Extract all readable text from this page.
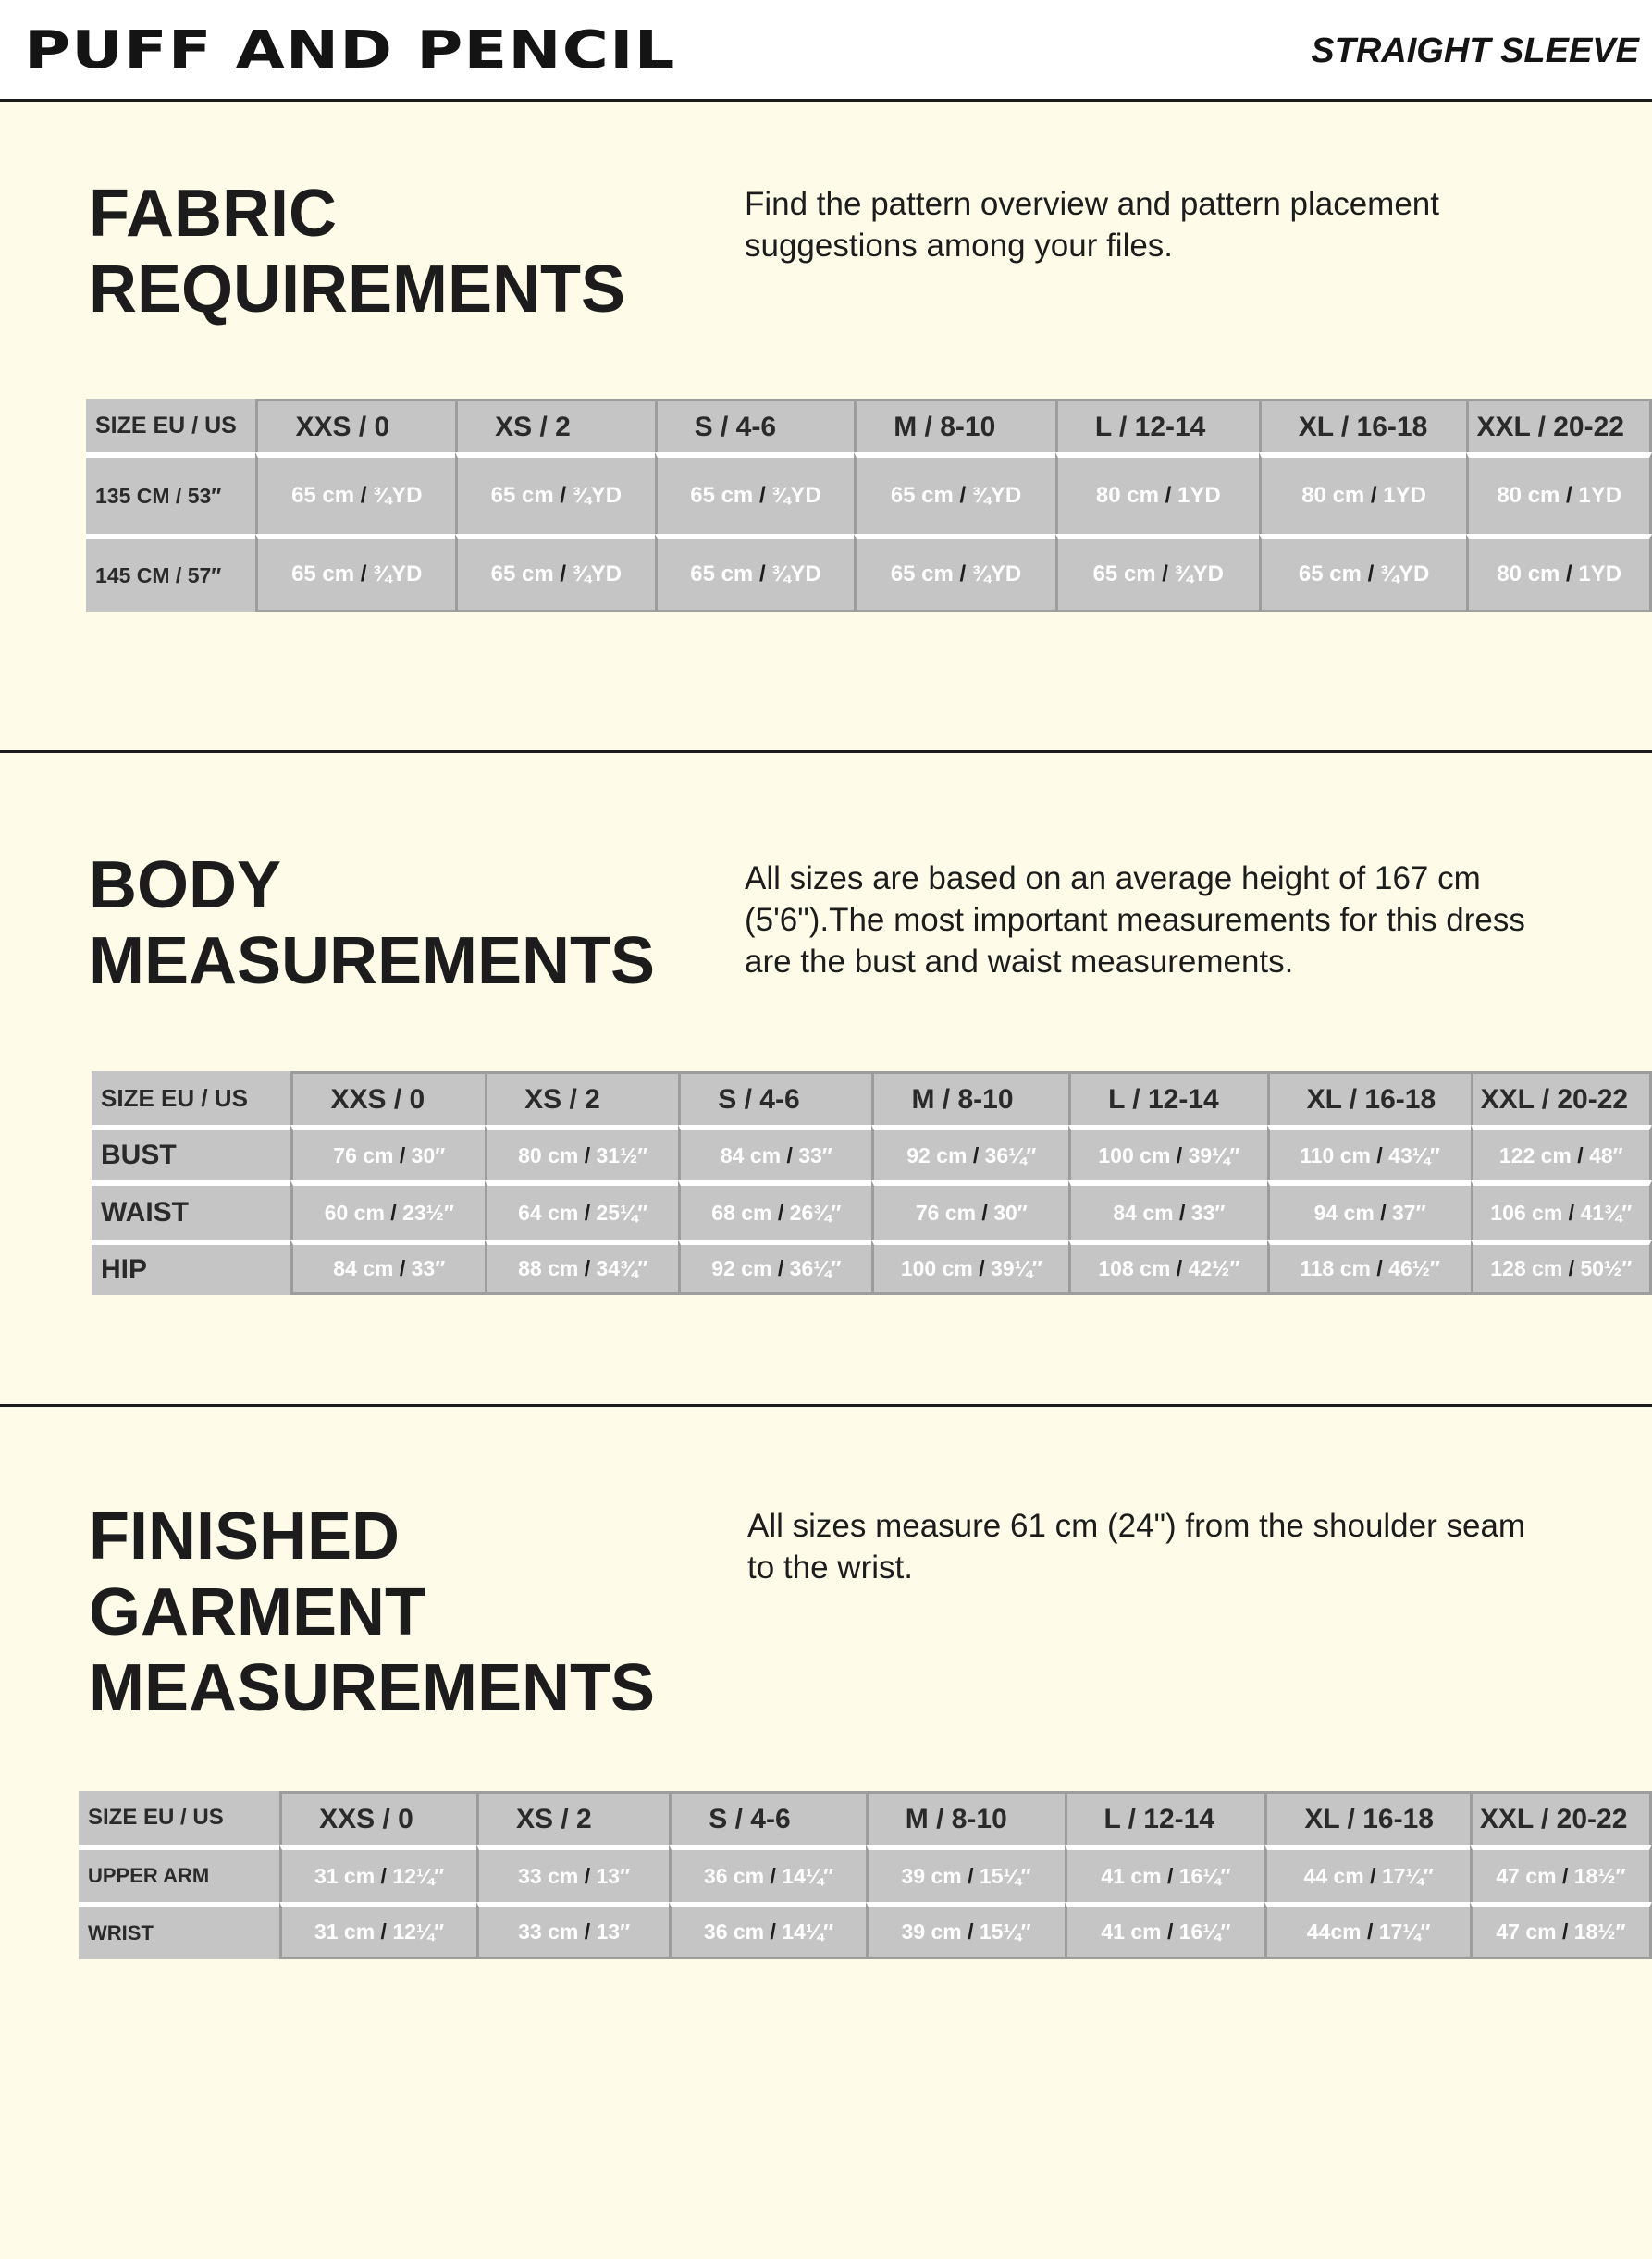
PUFF AND PENCIL	STRAIGHT SLEEVE
FABRIC
REQUIREMENTS

Find the pattern overview and pattern placement suggestions among your files.

SIZE EU / US	XXS / 0	XS / 2	S / 4-6	M / 8-10	L / 12-14	XL / 16-18	XXL / 20-22
135 CM / 53″	65 cm / ¾YD	65 cm / ¾YD	65 cm / ¾YD	65 cm / ¾YD	80 cm / 1YD	80 cm / 1YD	80 cm / 1YD
145 CM / 57″	65 cm / ¾YD	65 cm / ¾YD	65 cm / ¾YD	65 cm / ¾YD	65 cm / ¾YD	65 cm / ¾YD	80 cm / 1YD
BODY
MEASUREMENTS

All sizes are based on an average height of 167 cm (5'6").The most important measurements for this dress are the bust and waist measurements.

SIZE EU / US	XXS / 0	XS / 2	S / 4-6	M / 8-10	L / 12-14	XL / 16-18	XXL / 20-22
BUST	76 cm / 30″	80 cm / 31½″	84 cm / 33″	92 cm / 36¼″	100 cm / 39¼″	110 cm / 43¼″	122 cm / 48″
WAIST	60 cm / 23½″	64 cm / 25¼″	68 cm / 26¾″	76 cm / 30″	84 cm / 33″	94 cm / 37″	106 cm / 41¾″
HIP	84 cm / 33″	88 cm / 34¾″	92 cm / 36¼″	100 cm / 39¼″	108 cm / 42½″	118 cm / 46½″	128 cm / 50½″
FINISHED
GARMENT
MEASUREMENTS

All sizes measure 61 cm (24") from the shoulder seam to the wrist.

SIZE EU / US	XXS / 0	XS / 2	S / 4-6	M / 8-10	L / 12-14	XL / 16-18	XXL / 20-22
UPPER ARM	31 cm / 12¼″	33 cm / 13″	36 cm / 14¼″	39 cm / 15¼″	41 cm / 16¼″	44 cm / 17¼″	47 cm / 18½″
WRIST	31 cm / 12¼″	33 cm / 13″	36 cm / 14¼″	39 cm / 15¼″	41 cm / 16¼″	44cm / 17¼″	47 cm / 18½″
